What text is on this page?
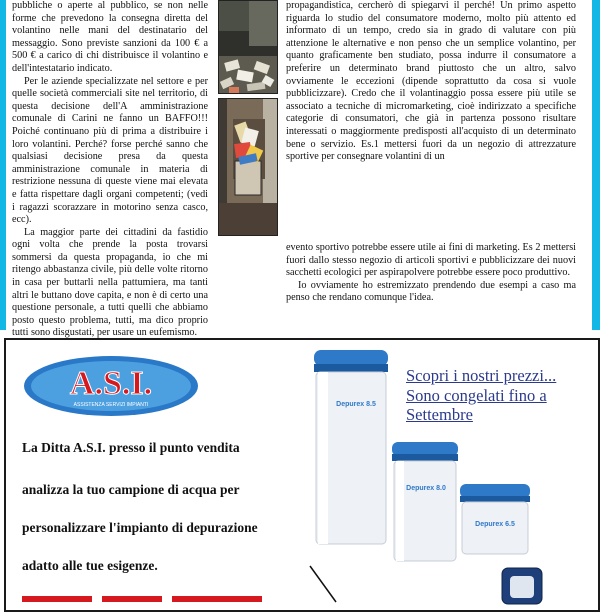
pubbliche o aperte al pubblico, se non nelle forme che prevedono la consegna diretta del volantino nelle mani del destinatario del messaggio. Sono previste sanzioni da 100 € a 500 € a carico di chi distribuisce il volantino e dell'intestatario indicato.

Per le aziende specializzate nel settore e per quelle società commerciali site nel territorio, di questa decisione dell'A amministrazione comunale di Carini ne fanno un BAFFO!!! Poiché continuano più di prima a distribuire i loro volantini. Perché? forse perché sanno che qualsiasi decisione presa da questa amministrazione comunale in materia di restrizione nessuna di queste viene mai elevata e fatta rispettare dagli organi competenti; (vedi i ragazzi scorazzare in motorino senza casco, ecc).

La maggior parte dei cittadini da fastidio ogni volta che prende la posta trovarsi sommersi da questa propaganda, io che mi ritengo abbastanza civile, più delle volte ritorno in casa per buttarli nella pattumiera, ma tanti altri le buttano dove capita, e non è di certo una questione personale, a tutti quelli che abbiamo posto questo problema, tutti, ma dico proprio tutti sono disgustati, per usare un eufemismo.

propagandistica, cercherò di spiegarvi il perché! Un primo aspetto riguarda lo studio del consumatore moderno, molto più attento ed informato di un tempo, credo sia in grado di valutare con più attenzione le alternative e non penso che un semplice volantino, per quanto graficamente ben studiato, possa indurre il consumatore a preferire un determinato brand piuttosto che un altro, salvo ovviamente le eccezioni (dipende soprattutto da cosa si vuole pubblicizzare). Credo che il volantinaggio possa essere più utile se associato a tecniche di micromarketing, cioè indirizzato a specifiche categorie di consumatori, che già in partenza possono risultare interessati o maggiormente predisposti all'acquisto di un determinato bene o servizio. Es.1 mettersi fuori da un negozio di attrezzature sportive per consegnare volantini di un

evento sportivo potrebbe essere utile ai fini di marketing. Es 2 mettersi fuori dallo stesso negozio di articoli sportivi e pubblicizzare dei nuovi sacchetti ecologici per aspirapolvere potrebbe essere poco produttivo.

Io ovviamente ho estremizzato prendendo due esempi a caso ma penso che rendano comunque l'idea.

A.S.I.
ASSISTENZA SERVIZI IMPIANTI
Scopri i nostri prezzi...
Sono congelati fino a
Settembre
La Ditta A.S.I. presso il punto vendita
analizza la tuo campione di acqua per
personalizzare l'impianto di depurazione
adatto alle tue esigenze.
Depurex 8.5
Depurex 8.0
Depurex 6.5
